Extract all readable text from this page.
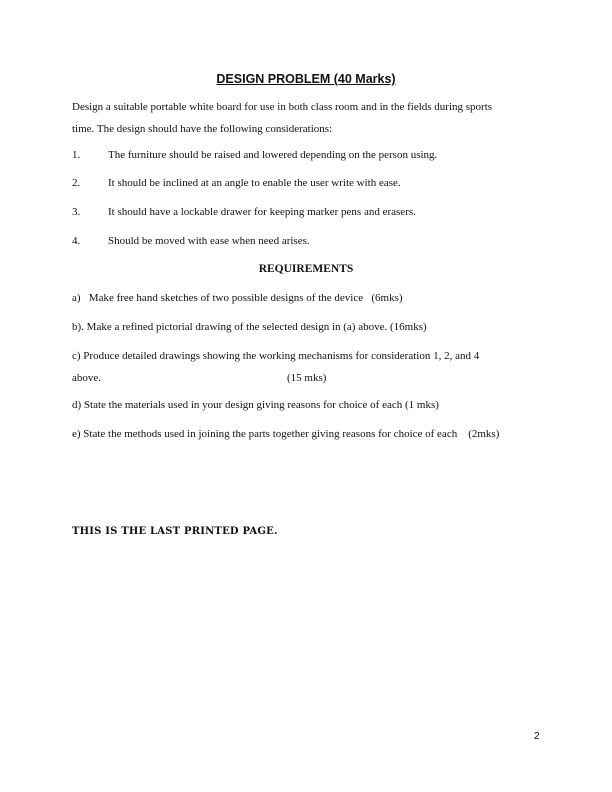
DESIGN PROBLEM (40 Marks)
Design a suitable portable white board for use in both class room and in the fields during sports
time. The design should have the following considerations:
1.	The furniture should be raised and lowered depending on the person using.
2.	It should be inclined at an angle to enable the user write with ease.
3.	It should have a lockable drawer for keeping marker pens and erasers.
4.	Should be moved with ease when need arises.
REQUIREMENTS
a) Make free hand sketches of two possible designs of the device (6mks)
b). Make a refined pictorial drawing of the selected design in (a) above. (16mks)
c) Produce detailed drawings showing the working mechanisms for consideration 1, 2, and 4
above.	(15 mks)
d) State the materials used in your design giving reasons for choice of each (1 mks)
e) State the methods used in joining the parts together giving reasons for choice of each (2mks)
THIS IS THE LAST PRINTED PAGE.
2
